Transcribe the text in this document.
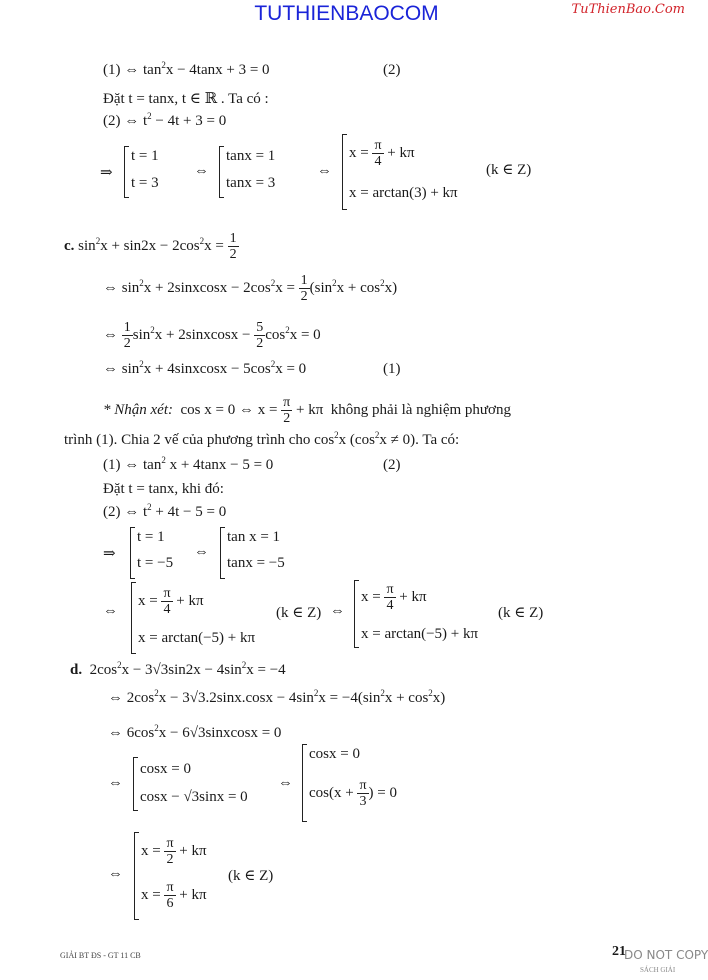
TUTHIENBAOCOM	TuThienBao.Com
(1) ⇔ $\tan^2x - 4\tan x + 3 = 0$	(2)
Đặt t = tanx, t ∈ ℝ . Ta có :
(2) ⇔ $t^2 - 4t + 3 = 0$
⇒
t = 1
t = 3
⇔
tanx = 1
tanx = 3
⇔
$x = \frac{\pi}{4} + k\pi$
x = arctan(3) + kπ
(k ∈ Z)
c. $\sin^2x + \sin 2x - 2\cos^2x = \frac{1}{2}$
⇔ $\sin^2x$ + 2sinxcosx − $2\cos^2x = \frac{1}{2} (\sin^2x + \cos^2x)$
⇔ $\frac{1}{2} \sin^2x$ + 2sinxcosx − $\frac{5}{2} \cos^2x = 0$
⇔ $\sin^2x$ + 4sinxcosx − $5\cos^2x = 0$	(1)
* Nhận xét:  cos x = 0 ⇔ $x = \frac{\pi}{2} + k\pi$  không phải là nghiệm phương
trình (1). Chia 2 vế của phương trình cho $\cos^2x$ $(\cos^2x \ne 0)$. Ta có:
(1) ⇔ $\tan^2 x + 4\tan x - 5 = 0$	(2)
Đặt t = tanx, khi đó:
(2) ⇔ $t^2 + 4t - 5 = 0$
⇒
t = 1
t = −5
⇔
tan x = 1
tanx = −5
⇔
$x = \frac{\pi}{4} + k\pi$
x = arctan(−5) + kπ
(k ∈ Z) ⇔
$x = \frac{\pi}{4} + k\pi$
x = arctan(−5) + kπ
(k ∈ Z)
d.  $2\cos^2x - 3√3\sin 2x - 4\sin^2x = -4$
⇔ $2\cos^2x - 3√3.2\sin x.\cos x - 4\sin^2x = -4(\sin^2x + \cos^2x)$
⇔ $6\cos^2x$ − 6√3sinxcosx = 0
⇔
cosx = 0
cosx − √3sinx = 0
⇔
cosx = 0
$\cos(x + \frac{\pi}{3}$ ) = 0
⇔
$x = \frac{\pi}{2} + k\pi$
$x = \frac{\pi}{6} + k\pi$
(k ∈ Z)
GIẢI BT ĐS - GT 11 CB	21
DO NOT COPY
SÁCH GIẢI
